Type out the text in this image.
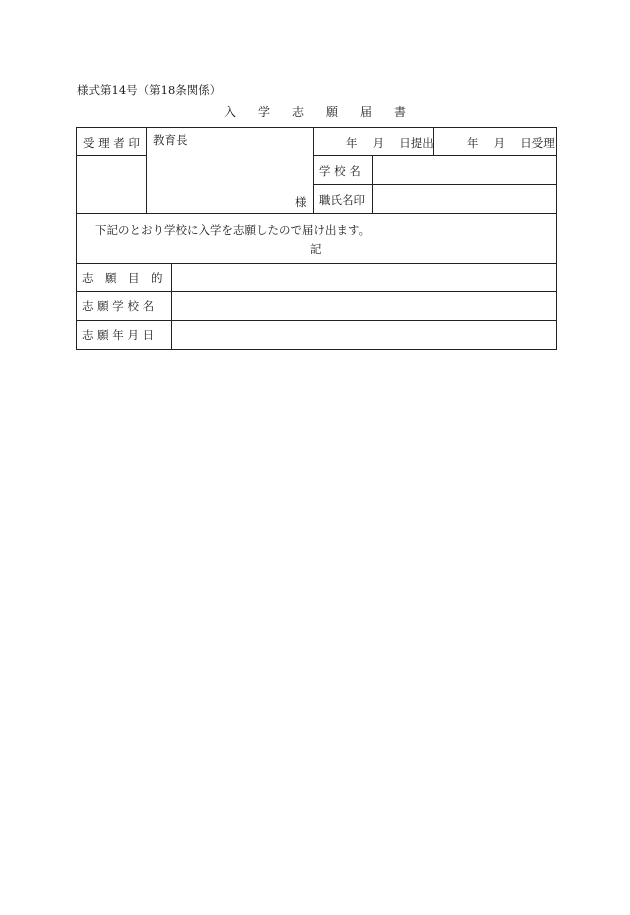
様式第14号（第18条関係）
入 学 志 願 届 書
受 理 者 印 教育長
様
年　 月　 日提出	年　 月　 日受理
学 校 名
職氏名印
下記のとおり学校に入学を志願したので届け出ます。
記
志　願　目　的
志 願 学 校 名
志 願 年 月 日
